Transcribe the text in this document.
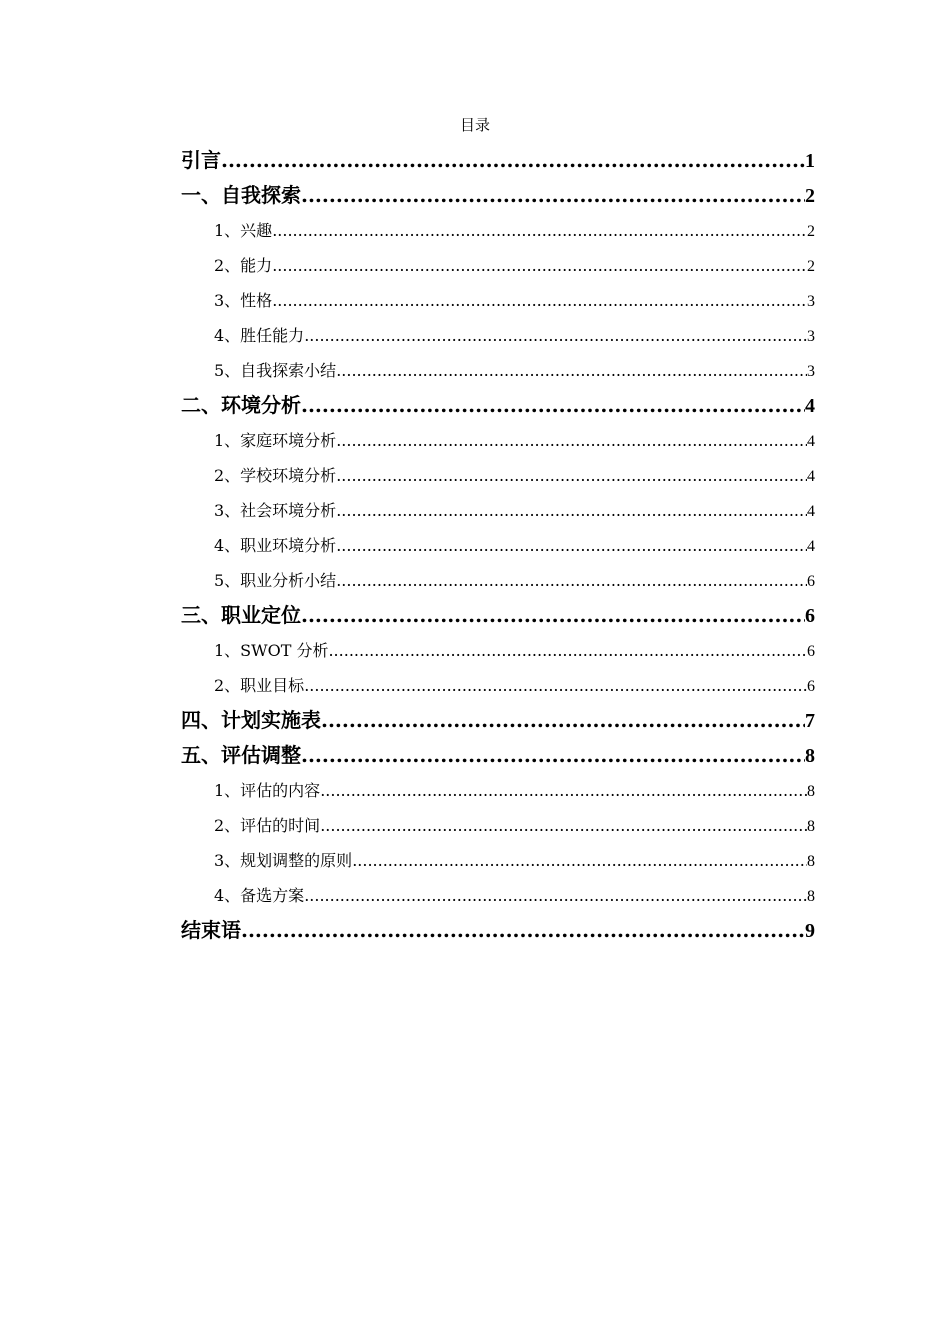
目录
引言 .....	1
一、自我探索 .....	2
1、兴趣 .....	2
2、能力 .....	2
3、性格 .....	3
4、胜任能力 .....	3
5、自我探索小结 .....	3
二、环境分析 .....	4
1、家庭环境分析 .....	4
2、学校环境分析 .....	4
3、社会环境分析 .....	4
4、职业环境分析 .....	4
5、职业分析小结 .....	6
三、职业定位 .....	6
1、SWOT 分析 .....	6
2、职业目标 .....	6
四、计划实施表 .....	7
五、评估调整 .....	8
1、评估的内容 .....	8
2、评估的时间 .....	8
3、规划调整的原则 .....	8
4、备选方案 .....	8
结束语 .....	9
